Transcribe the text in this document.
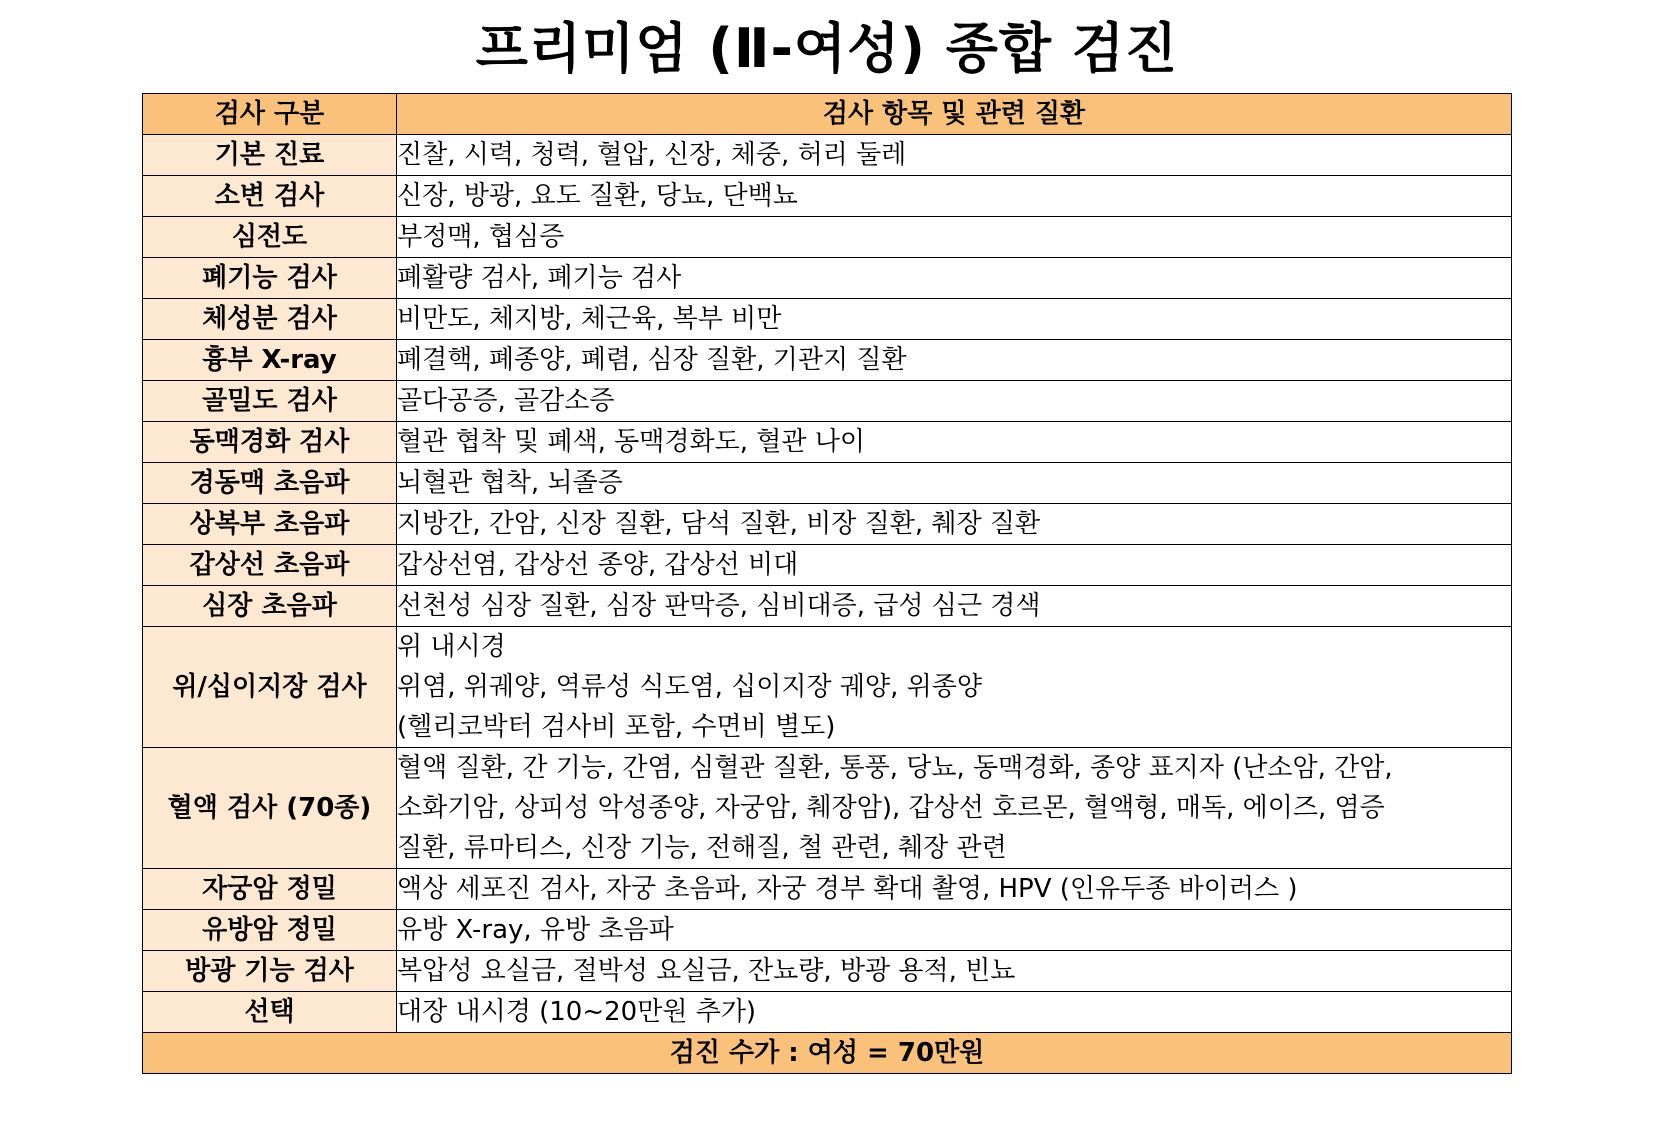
프리미엄 (Ⅱ-여성) 종합 검진
검사 구분	검사 항목 및 관련 질환
기본 진료	진찰, 시력, 청력, 혈압, 신장, 체중, 허리 둘레

소변 검사	신장, 방광, 요도 질환, 당뇨, 단백뇨

심전도	부정맥, 협심증

폐기능 검사	폐활량 검사, 폐기능 검사

체성분 검사	비만도, 체지방, 체근육, 복부 비만

흉부 X-ray	폐결핵, 폐종양, 폐렴, 심장 질환, 기관지 질환

골밀도 검사	골다공증, 골감소증

동맥경화 검사	혈관 협착 및 폐색, 동맥경화도, 혈관 나이

경동맥 초음파	뇌혈관 협착, 뇌졸증

상복부 초음파	지방간, 간암, 신장 질환, 담석 질환, 비장 질환, 췌장 질환

갑상선 초음파	갑상선염, 갑상선 종양, 갑상선 비대

심장 초음파	선천성 심장 질환, 심장 판막증, 심비대증, 급성 심근 경색

위/십이지장 검사	위 내시경
위염, 위궤양, 역류성 식도염, 십이지장 궤양, 위종양
(헬리코박터 검사비 포함, 수면비 별도)

혈액 검사 (70종)	혈액 질환, 간 기능, 간염, 심혈관 질환, 통풍, 당뇨, 동맥경화, 종양 표지자 (난소암, 간암,
소화기암, 상피성 악성종양, 자궁암, 췌장암), 갑상선 호르몬, 혈액형, 매독, 에이즈, 염증
질환, 류마티스, 신장 기능, 전해질, 철 관련, 췌장 관련

자궁암 정밀	액상 세포진 검사, 자궁 초음파, 자궁 경부 확대 촬영, HPV (인유두종 바이러스 )

유방암 정밀	유방 X-ray, 유방 초음파

방광 기능 검사	복압성 요실금, 절박성 요실금, 잔뇨량, 방광 용적, 빈뇨

선택	대장 내시경 (10~20만원 추가)

검진 수가 : 여성 = 70만원	
